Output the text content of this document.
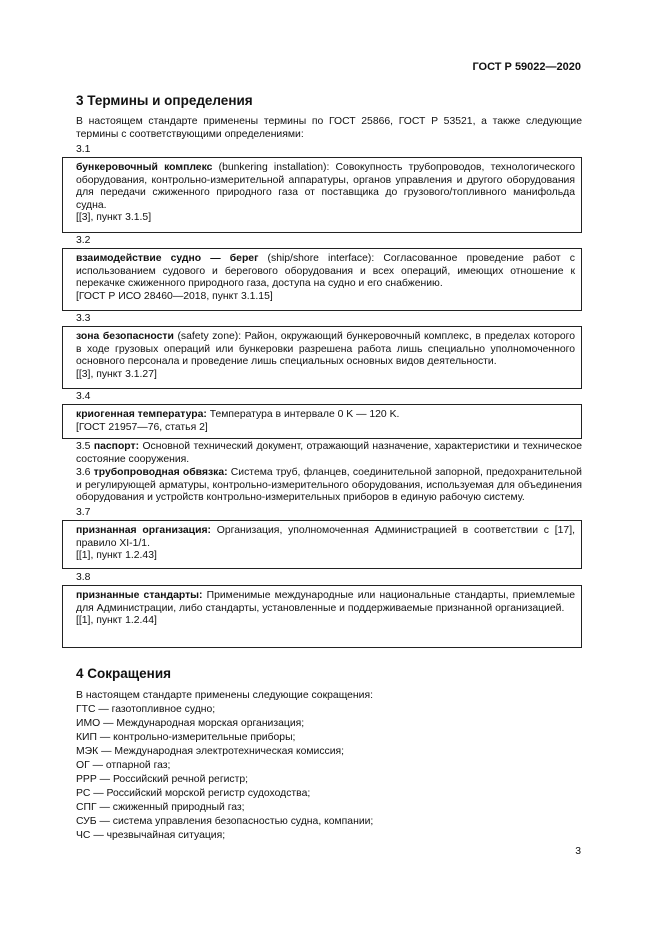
ГОСТ Р 59022—2020
3 Термины и определения
В настоящем стандарте применены термины по ГОСТ 25866, ГОСТ Р 53521, а также следующие термины с соответствующими определениями:
3.1
бункеровочный комплекс (bunkering installation): Совокупность трубопроводов, технологического оборудования, контрольно-измерительной аппаратуры, органов управления и другого оборудования для передачи сжиженного природного газа от поставщика до грузового/топливного манифольда судна.
[[3], пункт 3.1.5]
3.2
взаимодействие судно — берег (ship/shore interface): Согласованное проведение работ с использованием судового и берегового оборудования и всех операций, имеющих отношение к перекачке сжиженного природного газа, доступа на судно и его снабжению.
[ГОСТ Р ИСО 28460—2018, пункт 3.1.15]
3.3
зона безопасности (safety zone): Район, окружающий бункеровочный комплекс, в пределах которого в ходе грузовых операций или бункеровки разрешена работа лишь специально уполномоченного основного персонала и проведение лишь специальных основных видов деятельности.
[[3], пункт 3.1.27]
3.4
криогенная температура: Температура в интервале 0 K — 120 K.
[ГОСТ 21957—76, статья 2]
3.5 паспорт: Основной технический документ, отражающий назначение, характеристики и техническое состояние сооружения.
3.6 трубопроводная обвязка: Система труб, фланцев, соединительной запорной, предохранительной и регулирующей арматуры, контрольно-измерительного оборудования, используемая для объединения оборудования и устройств контрольно-измерительных приборов в единую рабочую систему.
3.7
признанная организация: Организация, уполномоченная Администрацией в соответствии с [17], правило XI-1/1.
[[1], пункт 1.2.43]
3.8
признанные стандарты: Применимые международные или национальные стандарты, приемлемые для Администрации, либо стандарты, установленные и поддерживаемые признанной организацией.
[[1], пункт 1.2.44]
4 Сокращения
В настоящем стандарте применены следующие сокращения:
ГТС — газотопливное судно;
ИМО — Международная морская организация;
КИП — контрольно-измерительные приборы;
МЭК — Международная электротехническая комиссия;
ОГ — отпарной газ;
РРР — Российский речной регистр;
РС — Российский морской регистр судоходства;
СПГ — сжиженный природный газ;
СУБ — система управления безопасностью судна, компании;
ЧС — чрезвычайная ситуация;
3
